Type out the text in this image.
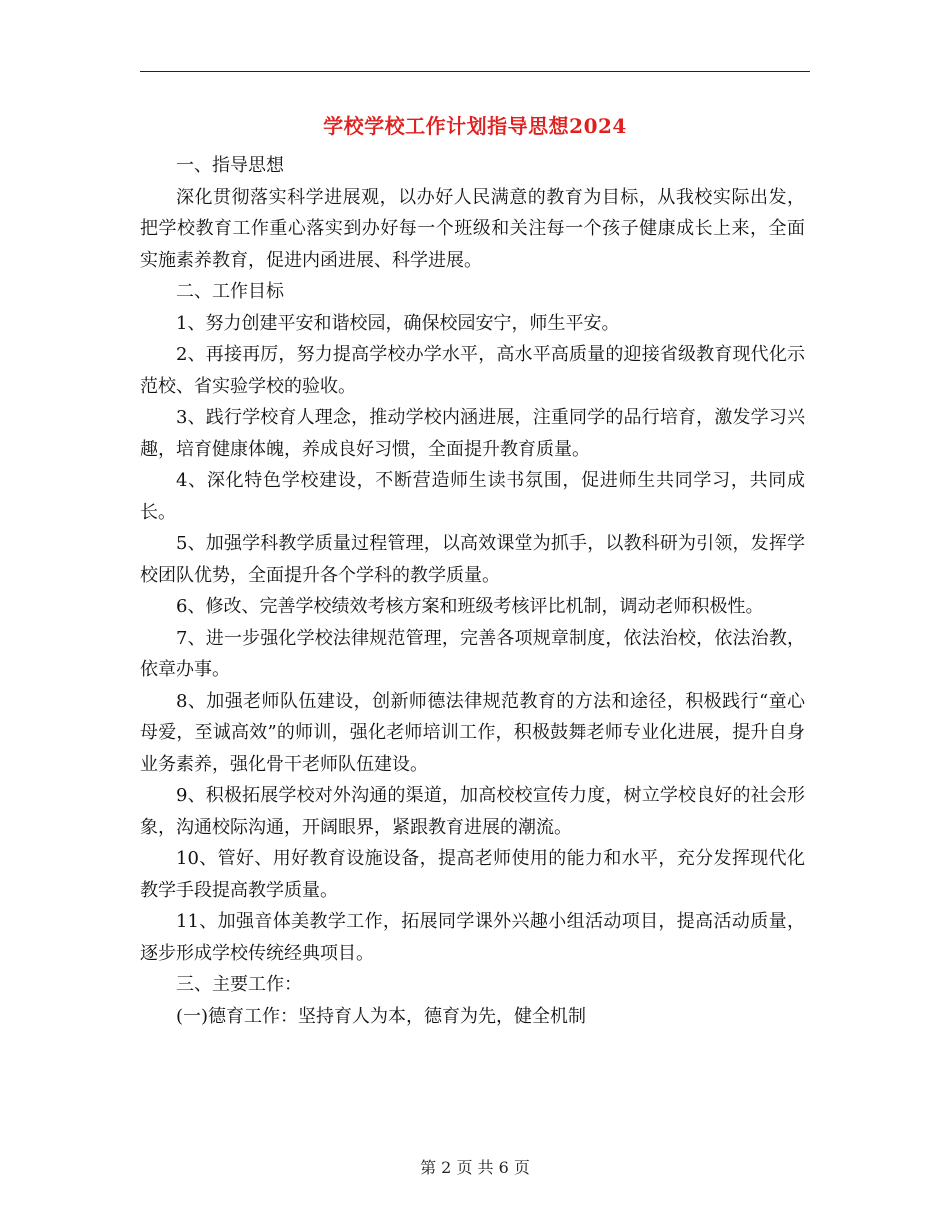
学校学校工作计划指导思想2024

一、指导思想

深化贯彻落实科学进展观，以办好人民满意的教育为目标，从我校实际出发，把学校教育工作重心落实到办好每一个班级和关注每一个孩子健康成长上来，全面实施素养教育，促进内函进展、科学进展。

二、工作目标

1、努力创建平安和谐校园，确保校园安宁，师生平安。

2、再接再厉，努力提高学校办学水平，高水平高质量的迎接省级教育现代化示范校、省实验学校的验收。

3、践行学校育人理念，推动学校内涵进展，注重同学的品行培育，激发学习兴趣，培育健康体魄，养成良好习惯，全面提升教育质量。

4、深化特色学校建设，不断营造师生读书氛围，促进师生共同学习，共同成长。

5、加强学科教学质量过程管理，以高效课堂为抓手，以教科研为引领，发挥学校团队优势，全面提升各个学科的教学质量。

6、修改、完善学校绩效考核方案和班级考核评比机制，调动老师积极性。

7、进一步强化学校法律规范管理，完善各项规章制度，依法治校，依法治教，依章办事。

8、加强老师队伍建设，创新师德法律规范教育的方法和途径，积极践行“童心母爱，至诚高效”的师训，强化老师培训工作，积极鼓舞老师专业化进展，提升自身业务素养，强化骨干老师队伍建设。

9、积极拓展学校对外沟通的渠道，加高校校宣传力度，树立学校良好的社会形象，沟通校际沟通，开阔眼界，紧跟教育进展的潮流。

10、管好、用好教育设施设备，提高老师使用的能力和水平，充分发挥现代化教学手段提高教学质量。

11、加强音体美教学工作，拓展同学课外兴趣小组活动项目，提高活动质量，逐步形成学校传统经典项目。

三、主要工作：

(一)德育工作：坚持育人为本，德育为先，健全机制

第 2 页 共 6 页
